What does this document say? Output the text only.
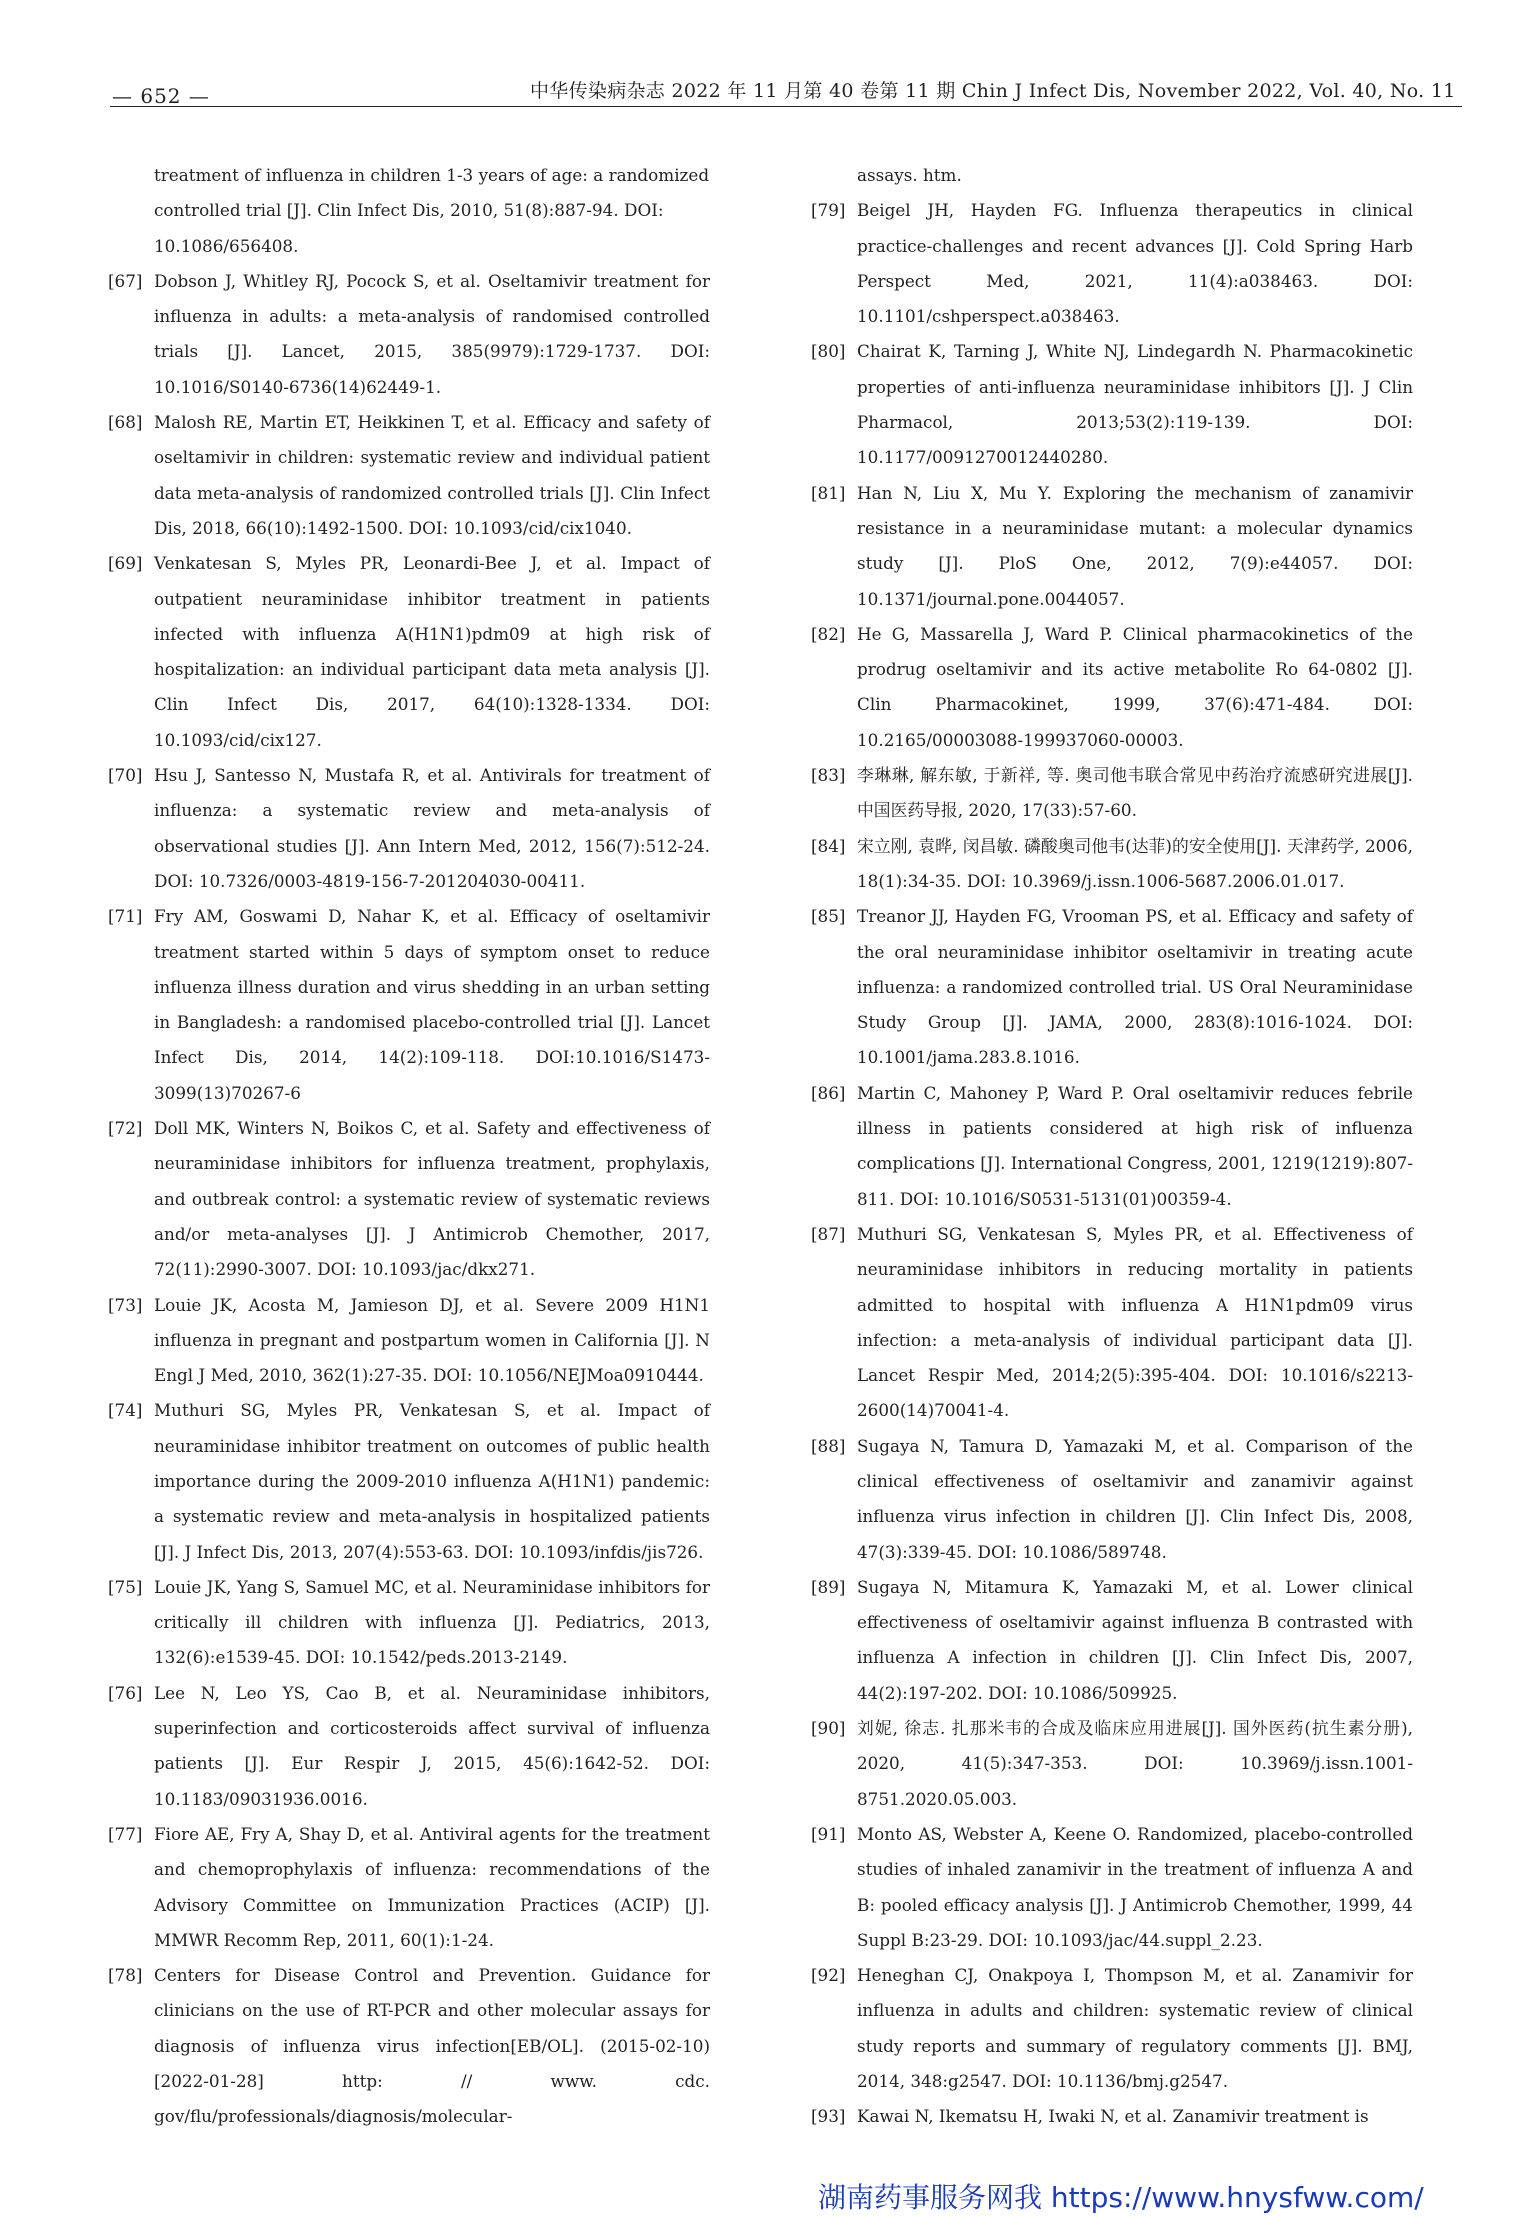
— 652 —	中华传染病杂志 2022 年 11 月第 40 卷第 11 期 Chin J Infect Dis, November 2022, Vol. 40, No. 11
treatment of influenza in children 1-3 years of age: a randomized controlled trial [J]. Clin Infect Dis, 2010, 51(8):887-94. DOI: 10.1086/656408.
[67] Dobson J, Whitley RJ, Pocock S, et al. Oseltamivir treatment for influenza in adults: a meta-analysis of randomised controlled trials [J]. Lancet, 2015, 385(9979):1729-1737. DOI: 10.1016/S0140-6736(14)62449-1.
[68] Malosh RE, Martin ET, Heikkinen T, et al. Efficacy and safety of oseltamivir in children: systematic review and individual patient data meta-analysis of randomized controlled trials [J]. Clin Infect Dis, 2018, 66(10):1492-1500. DOI: 10.1093/cid/cix1040.
[69] Venkatesan S, Myles PR, Leonardi-Bee J, et al. Impact of outpatient neuraminidase inhibitor treatment in patients infected with influenza A(H1N1)pdm09 at high risk of hospitalization: an individual participant data meta analysis [J]. Clin Infect Dis, 2017, 64(10):1328-1334. DOI: 10.1093/cid/cix127.
[70] Hsu J, Santesso N, Mustafa R, et al. Antivirals for treatment of influenza: a systematic review and meta-analysis of observational studies [J]. Ann Intern Med, 2012, 156(7):512-24. DOI: 10.7326/0003-4819-156-7-201204030-00411.
[71] Fry AM, Goswami D, Nahar K, et al. Efficacy of oseltamivir treatment started within 5 days of symptom onset to reduce influenza illness duration and virus shedding in an urban setting in Bangladesh: a randomised placebo-controlled trial [J]. Lancet Infect Dis, 2014, 14(2):109-118. DOI:10.1016/S1473-3099(13)70267-6
[72] Doll MK, Winters N, Boikos C, et al. Safety and effectiveness of neuraminidase inhibitors for influenza treatment, prophylaxis, and outbreak control: a systematic review of systematic reviews and/or meta-analyses [J]. J Antimicrob Chemother, 2017, 72(11):2990-3007. DOI: 10.1093/jac/dkx271.
[73] Louie JK, Acosta M, Jamieson DJ, et al. Severe 2009 H1N1 influenza in pregnant and postpartum women in California [J]. N Engl J Med, 2010, 362(1):27-35. DOI: 10.1056/NEJMoa0910444.
[74] Muthuri SG, Myles PR, Venkatesan S, et al. Impact of neuraminidase inhibitor treatment on outcomes of public health importance during the 2009-2010 influenza A(H1N1) pandemic: a systematic review and meta-analysis in hospitalized patients [J]. J Infect Dis, 2013, 207(4):553-63. DOI: 10.1093/infdis/jis726.
[75] Louie JK, Yang S, Samuel MC, et al. Neuraminidase inhibitors for critically ill children with influenza [J]. Pediatrics, 2013, 132(6):e1539-45. DOI: 10.1542/peds.2013-2149.
[76] Lee N, Leo YS, Cao B, et al. Neuraminidase inhibitors, superinfection and corticosteroids affect survival of influenza patients [J]. Eur Respir J, 2015, 45(6):1642-52. DOI: 10.1183/09031936.0016.
[77] Fiore AE, Fry A, Shay D, et al. Antiviral agents for the treatment and chemoprophylaxis of influenza: recommendations of the Advisory Committee on Immunization Practices (ACIP) [J]. MMWR Recomm Rep, 2011, 60(1):1-24.
[78] Centers for Disease Control and Prevention. Guidance for clinicians on the use of RT-PCR and other molecular assays for diagnosis of influenza virus infection[EB/OL]. (2015-02-10) [2022-01-28] http: // www. cdc. gov/flu/professionals/diagnosis/molecular-
assays. htm.
[79] Beigel JH, Hayden FG. Influenza therapeutics in clinical practice-challenges and recent advances [J]. Cold Spring Harb Perspect Med, 2021, 11(4):a038463. DOI: 10.1101/cshperspect.a038463.
[80] Chairat K, Tarning J, White NJ, Lindegardh N. Pharmacokinetic properties of anti-influenza neuraminidase inhibitors [J]. J Clin Pharmacol, 2013;53(2):119-139. DOI: 10.1177/0091270012440280.
[81] Han N, Liu X, Mu Y. Exploring the mechanism of zanamivir resistance in a neuraminidase mutant: a molecular dynamics study [J]. PloS One, 2012, 7(9):e44057. DOI: 10.1371/journal.pone.0044057.
[82] He G, Massarella J, Ward P. Clinical pharmacokinetics of the prodrug oseltamivir and its active metabolite Ro 64-0802 [J]. Clin Pharmacokinet, 1999, 37(6):471-484. DOI: 10.2165/00003088-199937060-00003.
[83] 李琳琳, 解东敏, 于新祥, 等. 奥司他韦联合常见中药治疗流感研究进展[J]. 中国医药导报, 2020, 17(33):57-60.
[84] 宋立刚, 袁晔, 闵昌敏. 磷酸奥司他韦(达菲)的安全使用[J]. 天津药学, 2006, 18(1):34-35. DOI: 10.3969/j.issn.1006-5687.2006.01.017.
[85] Treanor JJ, Hayden FG, Vrooman PS, et al. Efficacy and safety of the oral neuraminidase inhibitor oseltamivir in treating acute influenza: a randomized controlled trial. US Oral Neuraminidase Study Group [J]. JAMA, 2000, 283(8):1016-1024. DOI: 10.1001/jama.283.8.1016.
[86] Martin C, Mahoney P, Ward P. Oral oseltamivir reduces febrile illness in patients considered at high risk of influenza complications [J]. International Congress, 2001, 1219(1219):807-811. DOI: 10.1016/S0531-5131(01)00359-4.
[87] Muthuri SG, Venkatesan S, Myles PR, et al. Effectiveness of neuraminidase inhibitors in reducing mortality in patients admitted to hospital with influenza A H1N1pdm09 virus infection: a meta-analysis of individual participant data [J]. Lancet Respir Med, 2014;2(5):395-404. DOI: 10.1016/s2213-2600(14)70041-4.
[88] Sugaya N, Tamura D, Yamazaki M, et al. Comparison of the clinical effectiveness of oseltamivir and zanamivir against influenza virus infection in children [J]. Clin Infect Dis, 2008, 47(3):339-45. DOI: 10.1086/589748.
[89] Sugaya N, Mitamura K, Yamazaki M, et al. Lower clinical effectiveness of oseltamivir against influenza B contrasted with influenza A infection in children [J]. Clin Infect Dis, 2007, 44(2):197-202. DOI: 10.1086/509925.
[90] 刘妮, 徐志. 扎那米韦的合成及临床应用进展[J]. 国外医药(抗生素分册), 2020, 41(5):347-353. DOI: 10.3969/j.issn.1001-8751.2020.05.003.
[91] Monto AS, Webster A, Keene O. Randomized, placebo-controlled studies of inhaled zanamivir in the treatment of influenza A and B: pooled efficacy analysis [J]. J Antimicrob Chemother, 1999, 44 Suppl B:23-29. DOI: 10.1093/jac/44.suppl_2.23.
[92] Heneghan CJ, Onakpoya I, Thompson M, et al. Zanamivir for influenza in adults and children: systematic review of clinical study reports and summary of regulatory comments [J]. BMJ, 2014, 348:g2547. DOI: 10.1136/bmj.g2547.
[93] Kawai N, Ikematsu H, Iwaki N, et al. Zanamivir treatment is
湖南药事服务网我 https://www.hnysfww.com/
